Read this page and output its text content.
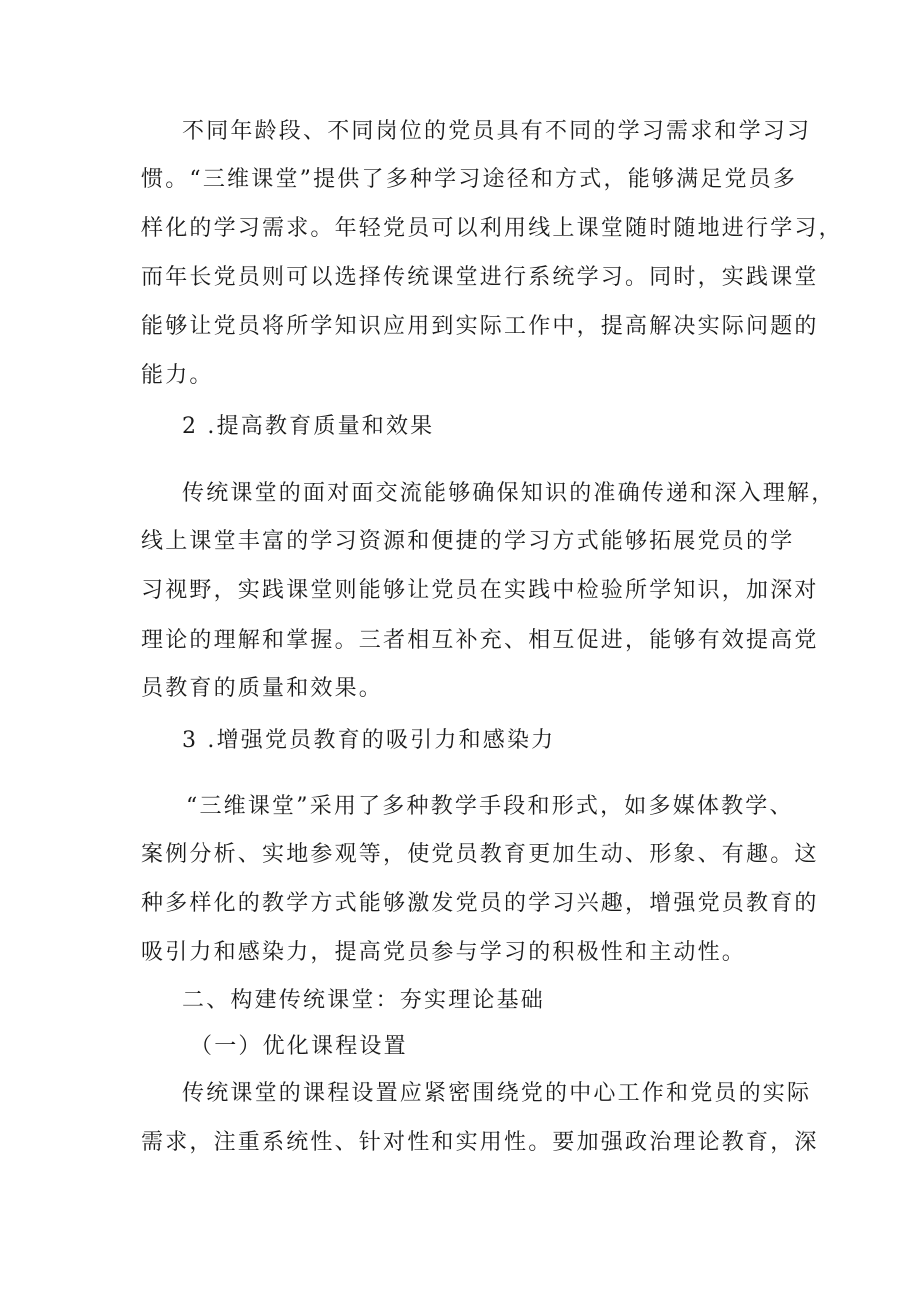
不同年龄段、不同岗位的党员具有不同的学习需求和学习习
惯。“三维课堂”提供了多种学习途径和方式，能够满足党员多
样化的学习需求。年轻党员可以利用线上课堂随时随地进行学习，
而年长党员则可以选择传统课堂进行系统学习。同时，实践课堂
能够让党员将所学知识应用到实际工作中，提高解决实际问题的
能力。
2 .提高教育质量和效果
传统课堂的面对面交流能够确保知识的准确传递和深入理解，
线上课堂丰富的学习资源和便捷的学习方式能够拓展党员的学
习视野，实践课堂则能够让党员在实践中检验所学知识，加深对
理论的理解和掌握。三者相互补充、相互促进，能够有效提高党
员教育的质量和效果。
3 .增强党员教育的吸引力和感染力
“三维课堂”采用了多种教学手段和形式，如多媒体教学、
案例分析、实地参观等，使党员教育更加生动、形象、有趣。这
种多样化的教学方式能够激发党员的学习兴趣，增强党员教育的
吸引力和感染力，提高党员参与学习的积极性和主动性。
二、构建传统课堂：夯实理论基础
（一）优化课程设置
传统课堂的课程设置应紧密围绕党的中心工作和党员的实际
需求，注重系统性、针对性和实用性。要加强政治理论教育，深
